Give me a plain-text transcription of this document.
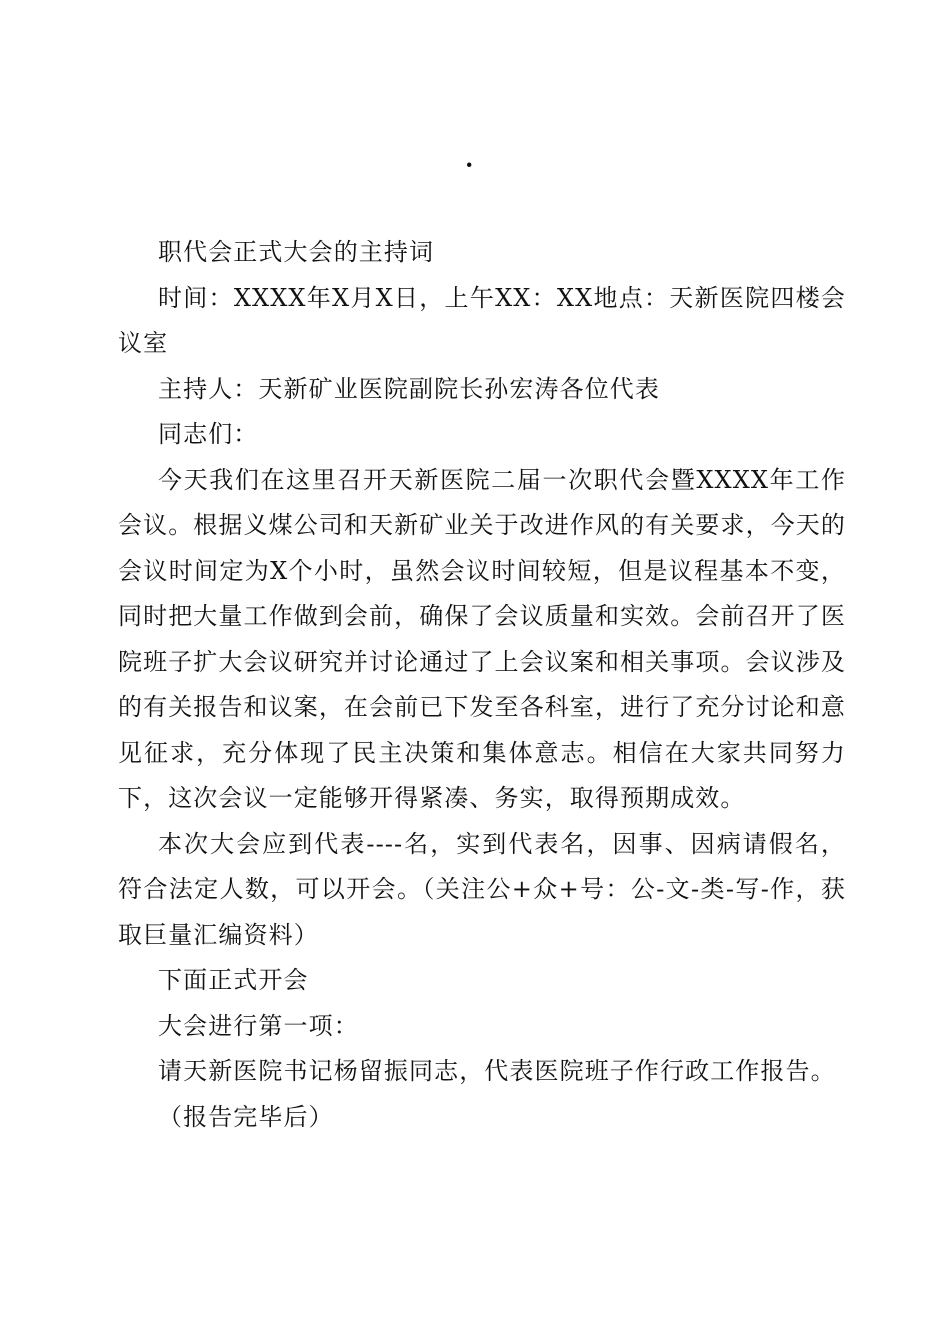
·

职代会正式大会的主持词

时间：XXXX年X月X日，上午XX：XX地点：天新医院四楼会议室

主持人：天新矿业医院副院长孙宏涛各位代表

同志们：

今天我们在这里召开天新医院二届一次职代会暨XXXX年工作会议。根据义煤公司和天新矿业关于改进作风的有关要求，今天的会议时间定为X个小时，虽然会议时间较短，但是议程基本不变，同时把大量工作做到会前，确保了会议质量和实效。会前召开了医院班子扩大会议研究并讨论通过了上会议案和相关事项。会议涉及的有关报告和议案，在会前已下发至各科室，进行了充分讨论和意见征求，充分体现了民主决策和集体意志。相信在大家共同努力下，这次会议一定能够开得紧凑、务实，取得预期成效。

本次大会应到代表----名，实到代表名，因事、因病请假名，符合法定人数，可以开会。（关注公+众+号：公-文-类-写-作，获取巨量汇编资料）

下面正式开会

大会进行第一项：

请天新医院书记杨留振同志，代表医院班子作行政工作报告。

（报告完毕后）
